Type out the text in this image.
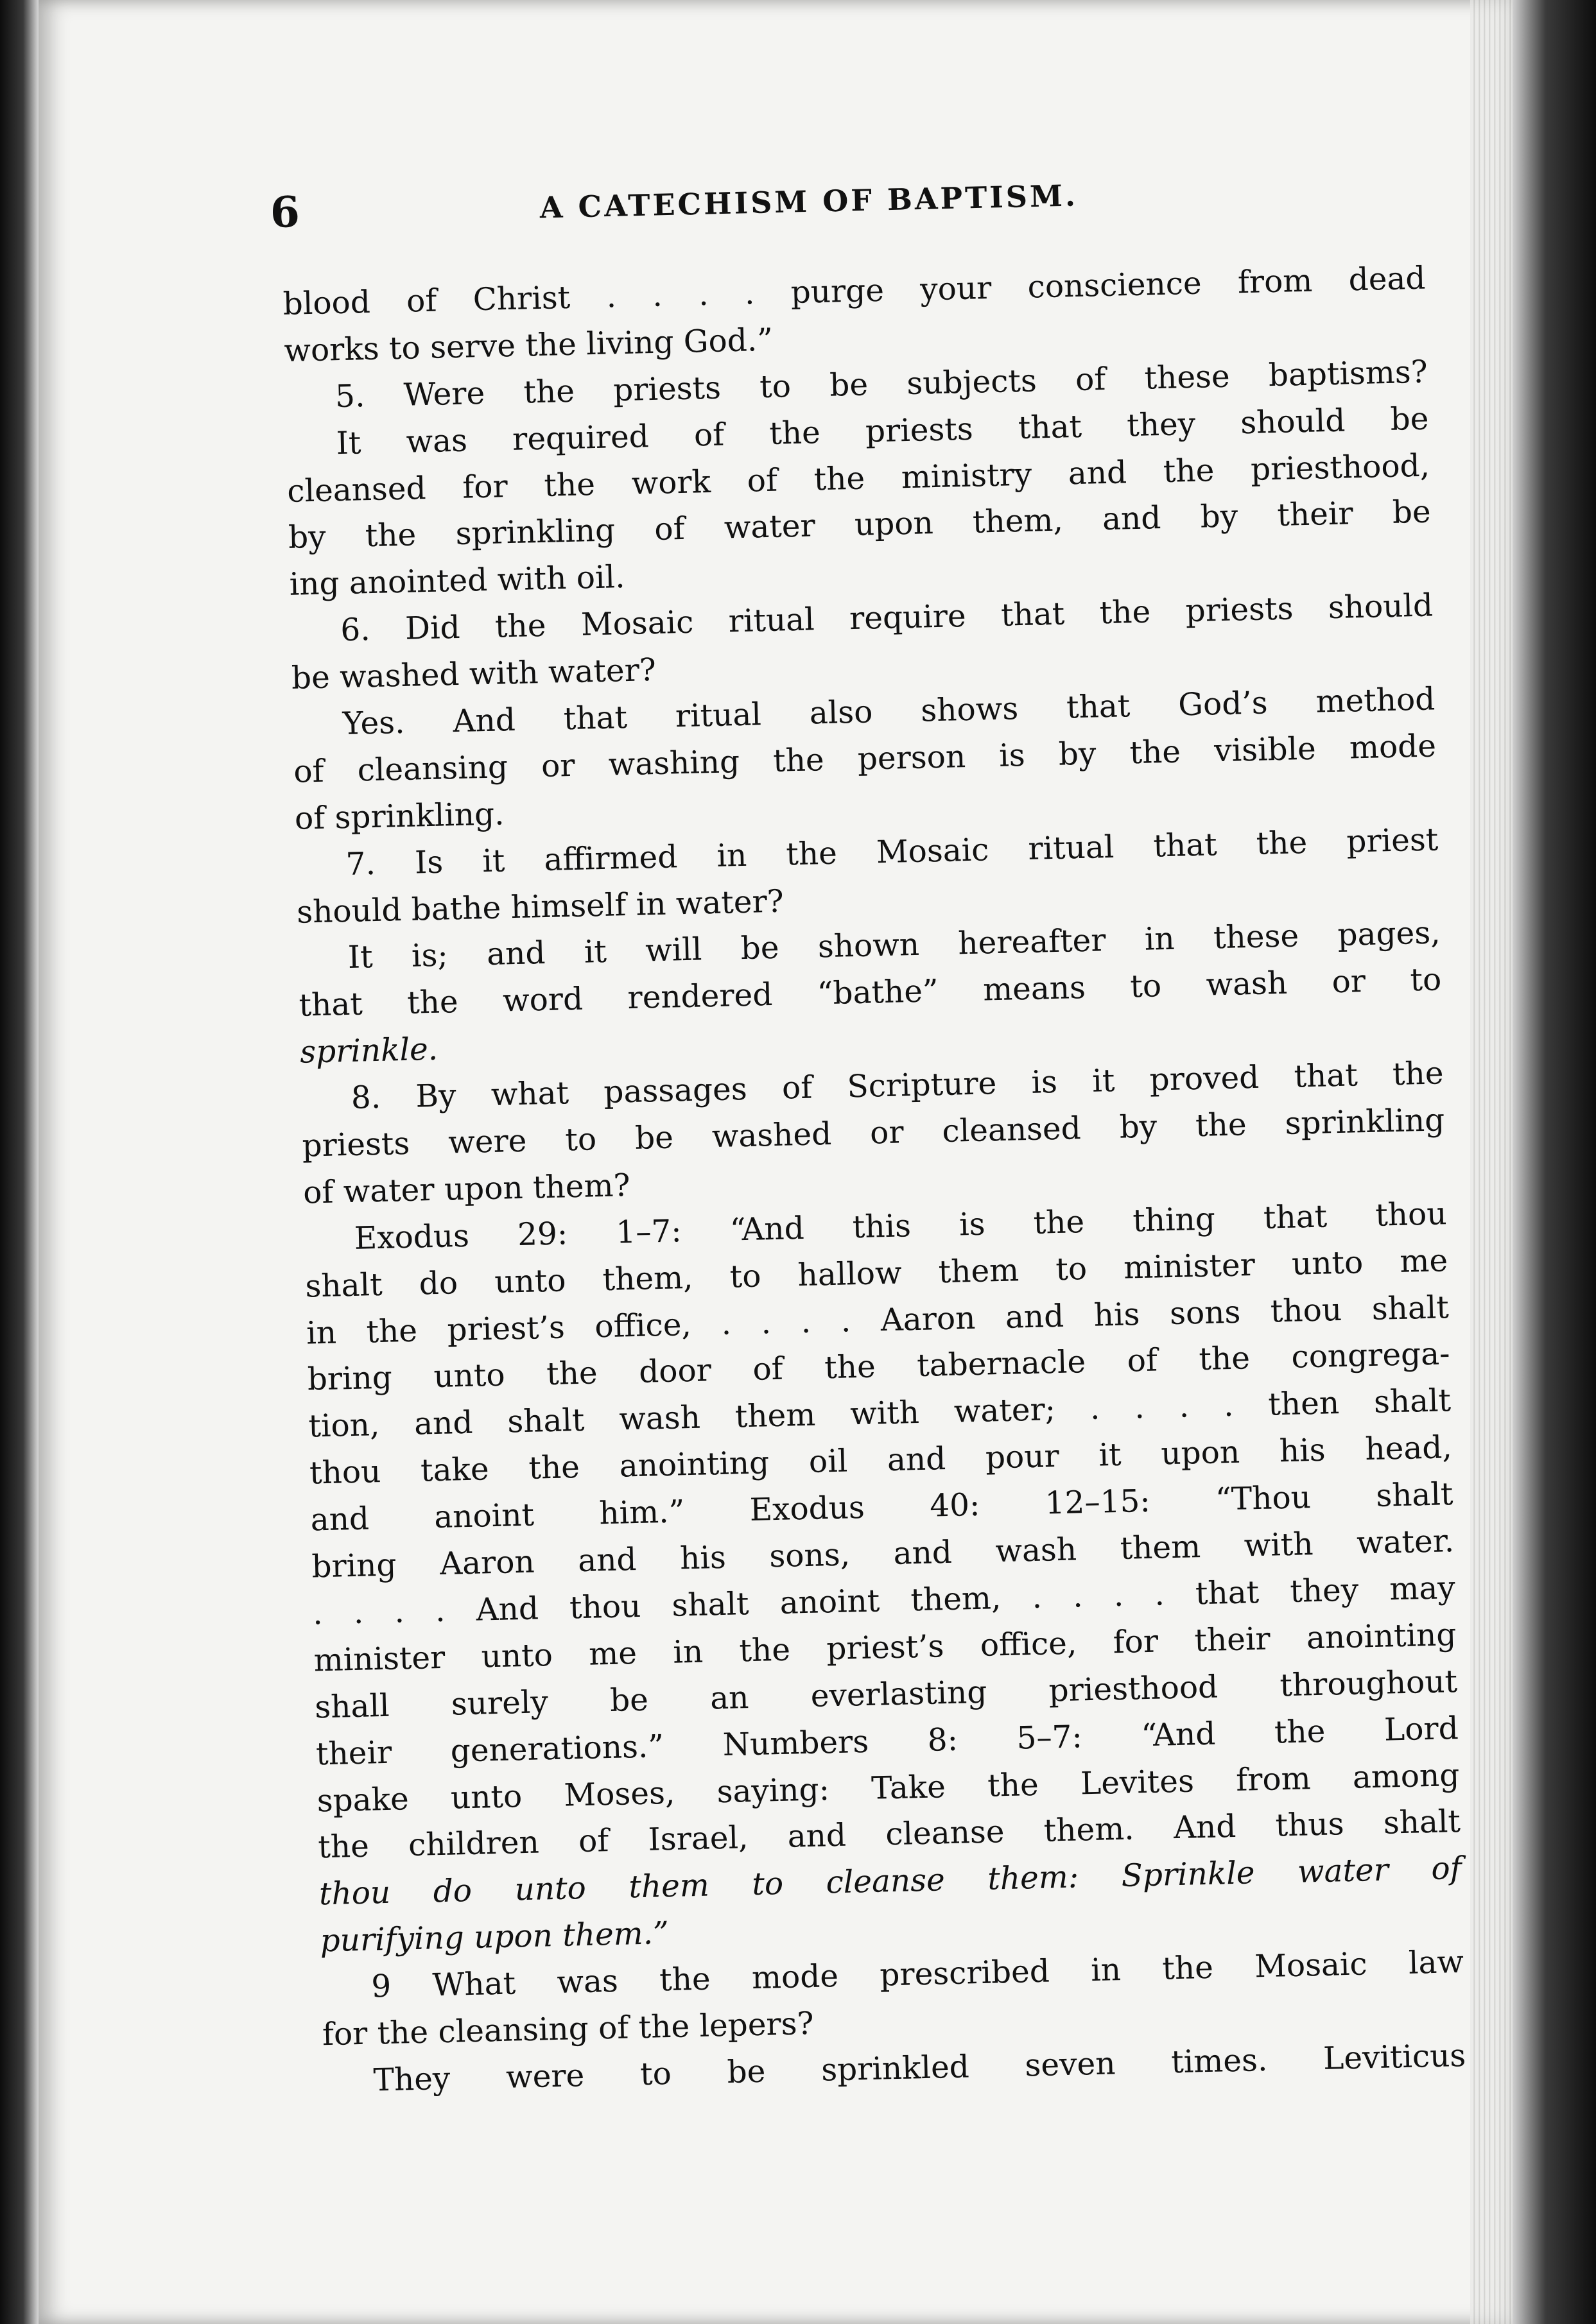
6	A CATECHISM OF BAPTISM.
blood of Christ . . . . purge your conscience from dead
works to serve the living God.”
5. Were the priests to be subjects of these baptisms?
It was required of the priests that they should be
cleansed for the work of the ministry and the priesthood,
by the sprinkling of water upon them, and by their be
ing anointed with oil.
6. Did the Mosaic ritual require that the priests should
be washed with water?
Yes. And that ritual also shows that God’s method
of cleansing or washing the person is by the visible mode
of sprinkling.
7. Is it affirmed in the Mosaic ritual that the priest
should bathe himself in water?
It is; and it will be shown hereafter in these pages,
that the word rendered “bathe” means to wash or to
sprinkle.
8. By what passages of Scripture is it proved that the
priests were to be washed or cleansed by the sprinkling
of water upon them?
Exodus 29: 1–7: “And this is the thing that thou
shalt do unto them, to hallow them to minister unto me
in the priest’s office, . . . . Aaron and his sons thou shalt
bring unto the door of the tabernacle of the congrega-
tion, and shalt wash them with water; . . . . then shalt
thou take the anointing oil and pour it upon his head,
and anoint him.” Exodus 40: 12–15: “Thou shalt
bring Aaron and his sons, and wash them with water.
. . . . And thou shalt anoint them, . . . . that they may
minister unto me in the priest’s office, for their anointing
shall surely be an everlasting priesthood throughout
their generations.” Numbers 8: 5–7: “And the Lord
spake unto Moses, saying: Take the Levites from among
the children of Israel, and cleanse them. And thus shalt
thou do unto them to cleanse them: Sprinkle water of
purifying upon them.”
9 What was the mode prescribed in the Mosaic law
for the cleansing of the lepers?
They were to be sprinkled seven times. Leviticus
